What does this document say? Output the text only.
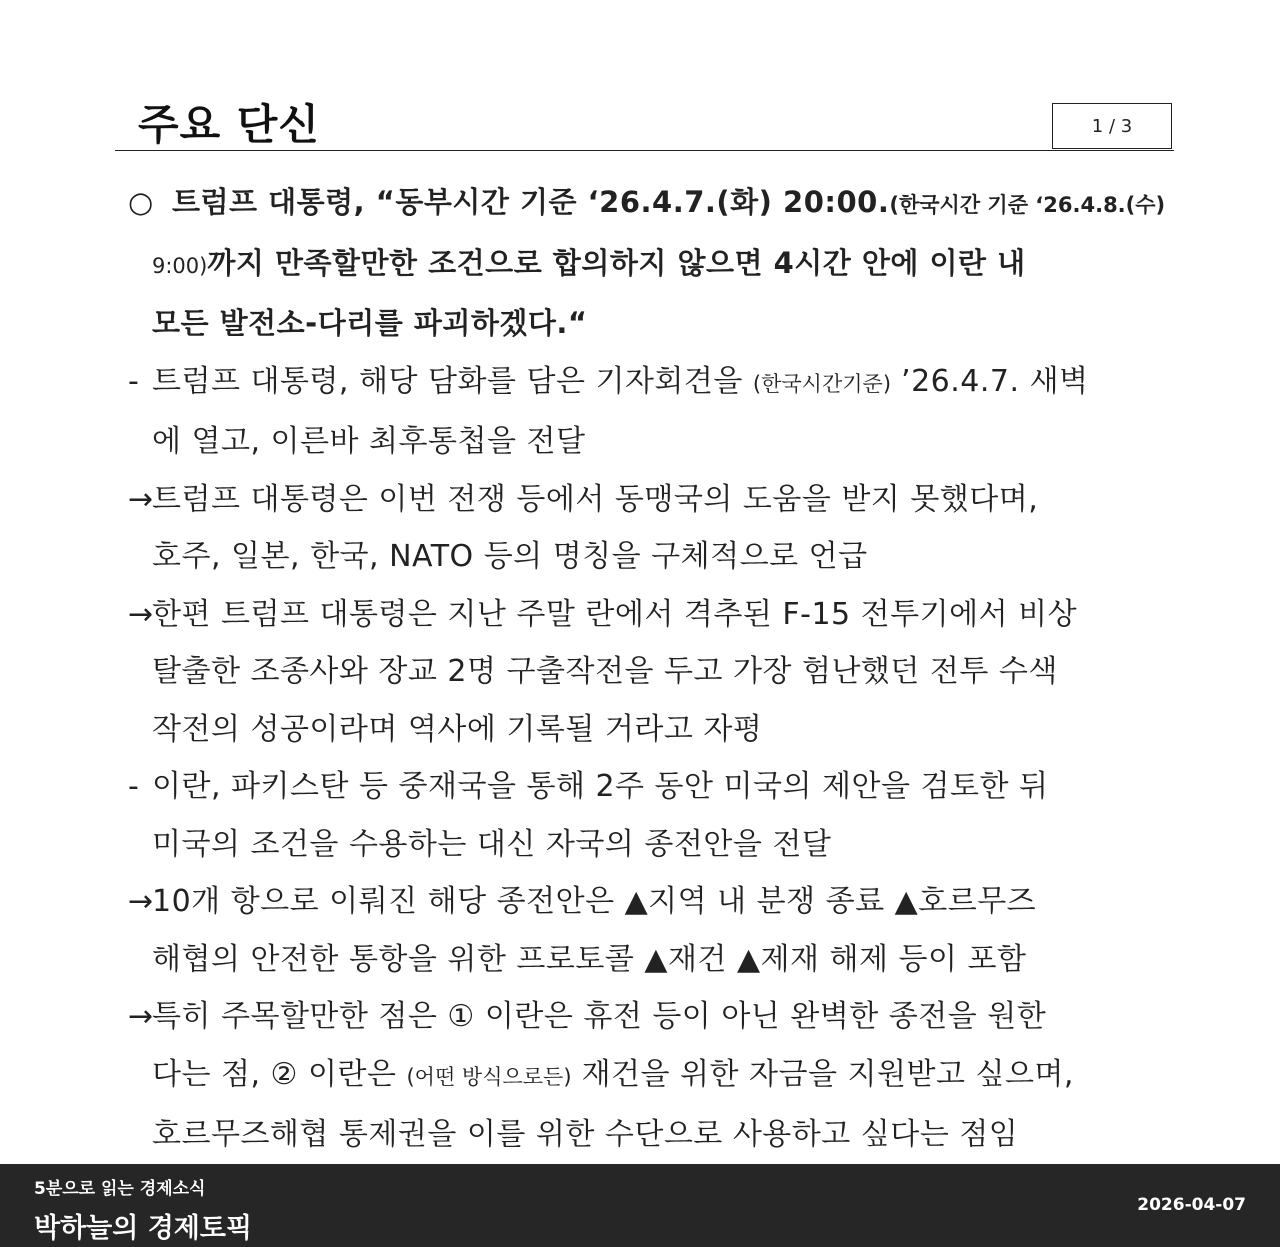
주요 단신	1 / 3
○ 트럼프 대통령, “동부시간 기준 ‘26.4.7.(화) 20:00.(한국시간 기준 ‘26.4.8.(수)
9:00)까지 만족할만한 조건으로 합의하지 않으면 4시간 안에 이란 내
모든 발전소-다리를 파괴하겠다.“
- 트럼프 대통령, 해당 담화를 담은 기자회견을 (한국시간기준) ’26.4.7. 새벽
에 열고, 이른바 최후통첩을 전달
→
트럼프 대통령은 이번 전쟁 등에서 동맹국의 도움을 받지 못했다며,
호주, 일본, 한국, NATO 등의 명칭을 구체적으로 언급
→
한편 트럼프 대통령은 지난 주말 란에서 격추된 F-15 전투기에서 비상
탈출한 조종사와 장교 2명 구출작전을 두고 가장 험난했던 전투 수색
작전의 성공이라며 역사에 기록될 거라고 자평
- 이란, 파키스탄 등 중재국을 통해 2주 동안 미국의 제안을 검토한 뒤
미국의 조건을 수용하는 대신 자국의 종전안을 전달
→
10개 항으로 이뤄진 해당 종전안은 ▲지역 내 분쟁 종료 ▲호르무즈
해협의 안전한 통항을 위한 프로토콜 ▲재건 ▲제재 해제 등이 포함
→
특히 주목할만한 점은 ① 이란은 휴전 등이 아닌 완벽한 종전을 원한
다는 점, ② 이란은 (어떤 방식으로든) 재건을 위한 자금을 지원받고 싶으며,
호르무즈해협 통제권을 이를 위한 수단으로 사용하고 싶다는 점임
5분으로 읽는 경제소식
박하늘의 경제토픽
2026-04-07
